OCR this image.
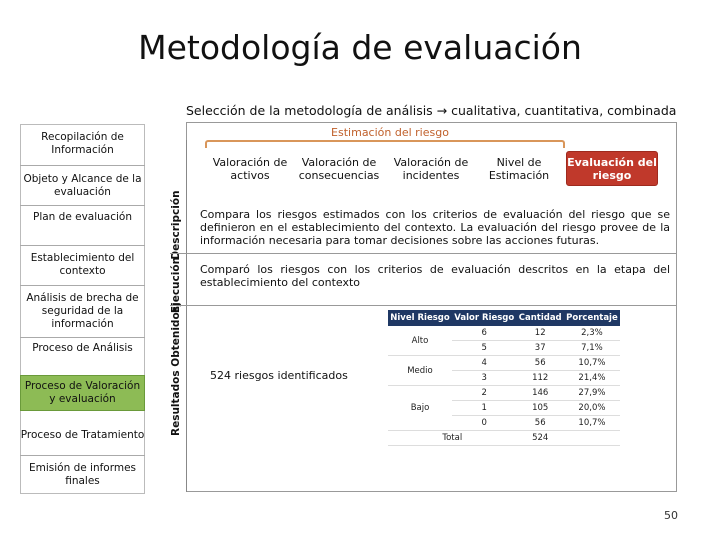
Metodología de evaluación
Selección de la metodología de análisis → cualitativa, cuantitativa, combinada
Recopilación de Información
Objeto y Alcance de la evaluación
Plan de evaluación
Establecimiento del contexto
Análisis de brecha de seguridad de la información
Proceso de Análisis
Proceso de Valoración y evaluación
Proceso de Tratamiento
Emisión de informes finales
Descripción
Ejecución
Resultados Obtenidos
Estimación del riesgo
Valoración de activos
Valoración de consecuencias
Valoración de incidentes
Nivel de Estimación
Evaluación del riesgo
Compara los riesgos estimados con los criterios de evaluación del riesgo que se definieron en el establecimiento del contexto. La evaluación del riesgo provee de la información necesaria para tomar decisiones sobre las acciones futuras.
Comparó los riesgos con los criterios de evaluación descritos en la etapa del establecimiento del contexto
524 riesgos identificados
Nivel Riesgo	Valor Riesgo	Cantidad	Porcentaje
Alto	6	12	2,3%
	5	37	7,1%
Medio	4	56	10,7%
	3	112	21,4%
Bajo	2	146	27,9%
	1	105	20,0%
	0	56	10,7%
Total		524	
50
